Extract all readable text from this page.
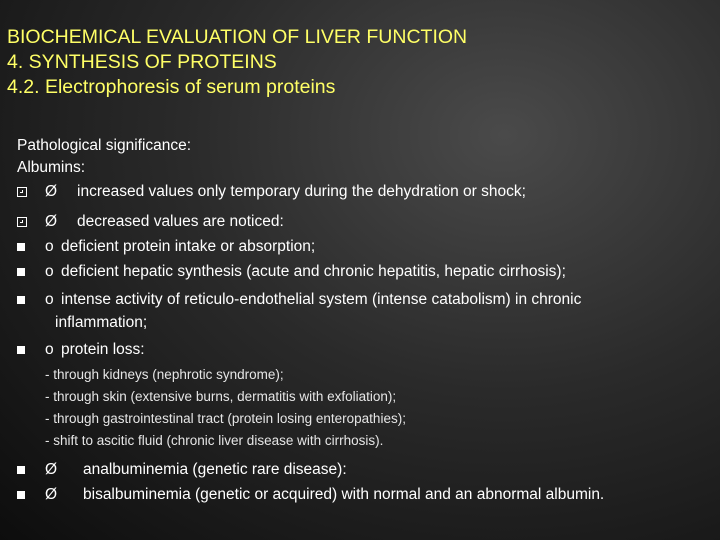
BIOCHEMICAL EVALUATION OF LIVER FUNCTION
4. SYNTHESIS OF PROTEINS
4.2. Electrophoresis of serum proteins
Pathological significance:
Albumins:
Ø increased values only temporary during the dehydration or shock;
Ø decreased values are noticed:
o deficient protein intake or absorption;
o deficient hepatic synthesis (acute and chronic hepatitis, hepatic cirrhosis);
o intense activity of reticulo-endothelial system (intense catabolism) in chronic
inflammation;
o protein loss:
- through kidneys (nephrotic syndrome);
- through skin (extensive burns, dermatitis with exfoliation);
- through gastrointestinal tract (protein losing enteropathies);
- shift to ascitic fluid (chronic liver disease with cirrhosis).
Ø analbuminemia (genetic rare disease):
Ø bisalbuminemia (genetic or acquired) with normal and an abnormal albumin.
